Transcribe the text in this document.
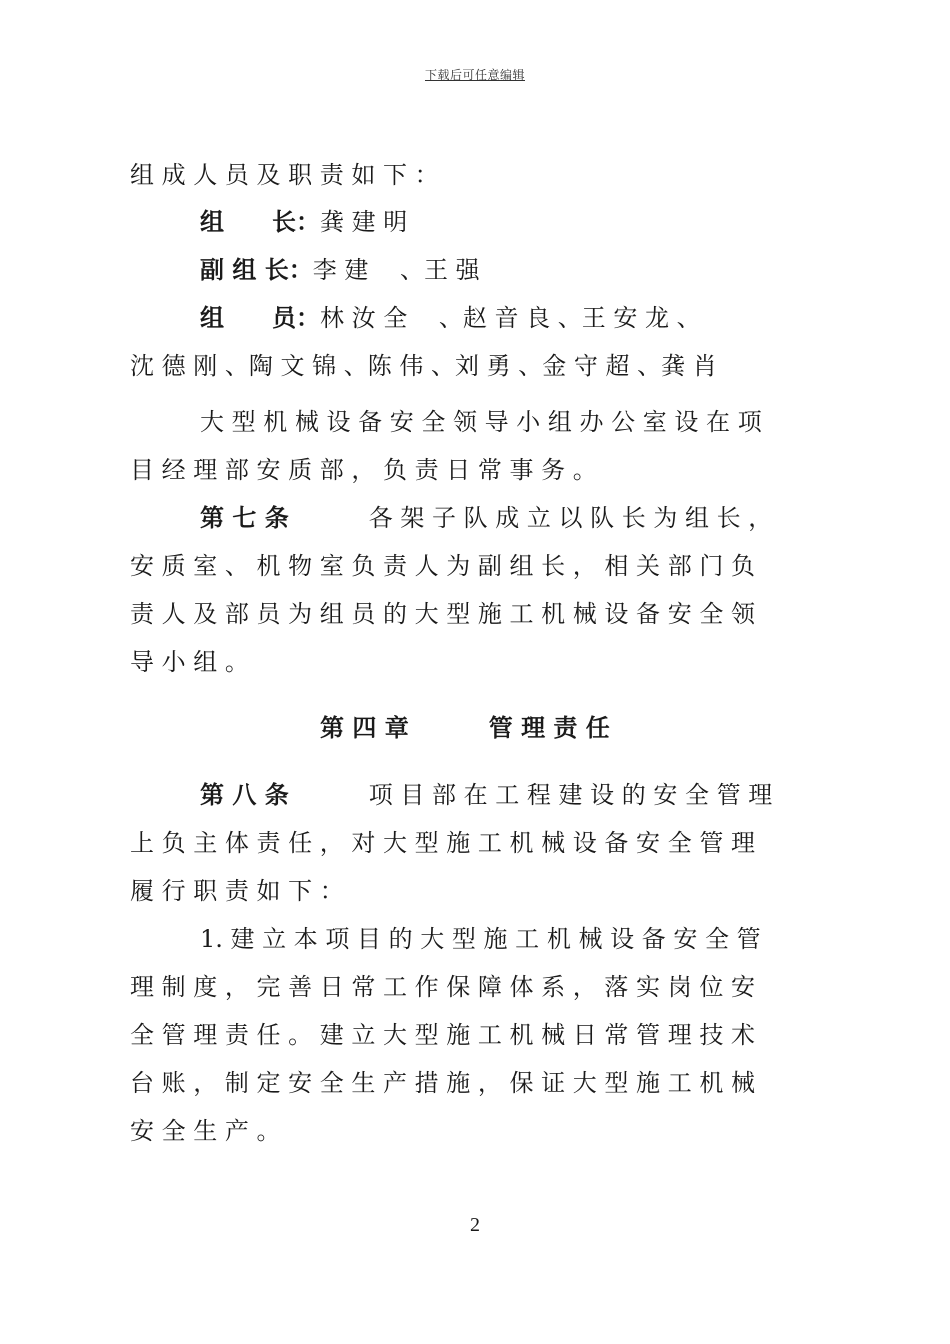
下载后可任意编辑
组 成 人 员 及 职 责 如 下 ：
组　　长：龚 建 明
副 组 长：李 建　 、王 强
组　　员：林 汝 全　 、赵 音 良 、王 安 龙 、
沈 德 刚 、陶 文 锦 、陈 伟 、刘 勇 、金 守 超 、龚 肖
大 型 机 械 设 备 安 全 领 导 小 组 办 公 室 设 在 项
目 经 理 部 安 质 部 ， 负 责 日 常 事 务 。
第 七 条	各 架 子 队 成 立 以 队 长 为 组 长 ，
安 质 室 、 机 物 室 负 责 人 为 副 组 长 ， 相 关 部 门 负
责 人 及 部 员 为 组 员 的 大 型 施 工 机 械 设 备 安 全 领
导 小 组 。
第 四 章	管 理 责 任
第 八 条	项 目 部 在 工 程 建 设 的 安 全 管 理
上 负 主 体 责 任 ， 对 大 型 施 工 机 械 设 备 安 全 管 理
履 行 职 责 如 下 ：
1. 建 立 本 项 目 的 大 型 施 工 机 械 设 备 安 全 管
理 制 度 ， 完 善 日 常 工 作 保 障 体 系 ， 落 实 岗 位 安
全 管 理 责 任 。 建 立 大 型 施 工 机 械 日 常 管 理 技 术
台 账 ， 制 定 安 全 生 产 措 施 ， 保 证 大 型 施 工 机 械
安 全 生 产 。
2
